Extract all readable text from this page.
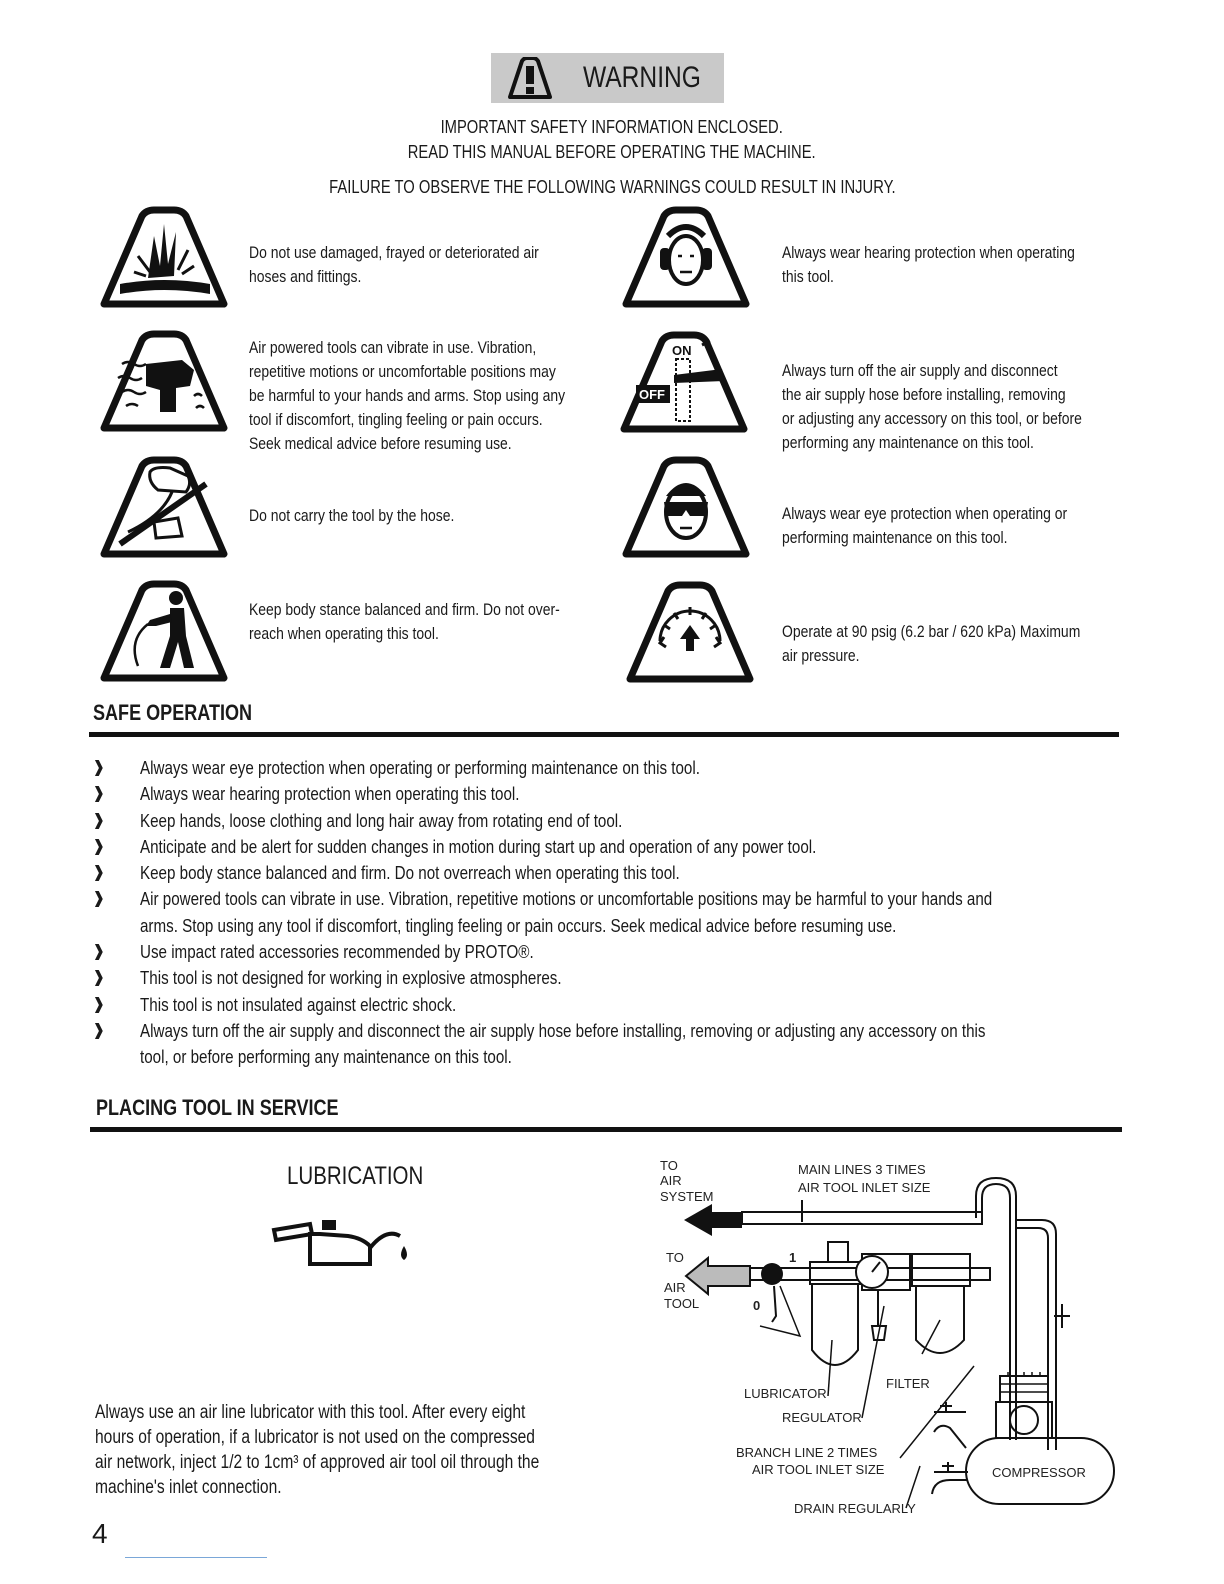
WARNING
IMPORTANT SAFETY INFORMATION ENCLOSED.
READ THIS MANUAL BEFORE OPERATING THE MACHINE.
FAILURE TO OBSERVE THE FOLLOWING WARNINGS COULD RESULT IN INJURY.
ON
OFF
Do not use damaged, frayed or deteriorated air
hoses and fittings.
Air powered tools can vibrate in use. Vibration,
repetitive motions or uncomfortable positions may
be harmful to your hands and arms. Stop using any
tool if discomfort, tingling feeling or pain occurs.
Seek medical advice before resuming use.
Do not carry the tool by the hose.
Keep body stance balanced and firm. Do not over-
reach when operating this tool.
Always wear hearing protection when operating
this tool.
Always turn off the air supply and disconnect
the air supply hose before installing, removing
or adjusting any accessory on this tool, or before
performing any maintenance on this tool.
Always wear eye protection when operating or
performing maintenance on this tool.
Operate at 90 psig (6.2 bar / 620 kPa) Maximum
air pressure.
SAFE OPERATION
❱	Always wear eye protection when operating or performing maintenance on this tool.
❱	Always wear hearing protection when operating this tool.
❱	Keep hands, loose clothing and long hair away from rotating end of tool.
❱	Anticipate and be alert for sudden changes in motion during start up and operation of any power tool.
❱	Keep body stance balanced and firm. Do not overreach when operating this tool.
❱	Air powered tools can vibrate in use. Vibration, repetitive motions or uncomfortable positions may be harmful to your hands and
arms. Stop using any tool if discomfort, tingling feeling or pain occurs. Seek medical advice before resuming use.
❱	Use impact rated accessories recommended by PROTO®.
❱	This tool is not designed for working in explosive atmospheres.
❱	This tool is not insulated against electric shock.
❱	Always turn off the air supply and disconnect the air supply hose before installing, removing or adjusting any accessory on this
tool, or before performing any maintenance on this tool.
PLACING TOOL IN SERVICE
LUBRICATION
Always use an air line lubricator with this tool. After every eight
hours of operation, if a lubricator is not used on the compressed
air network, inject 1/2 to 1cm³ of approved air tool oil through the
machine's inlet connection.
TO
AIR
SYSTEM
MAIN LINES 3 TIMES
AIR TOOL INLET SIZE
TO
AIR
TOOL
1
0
LUBRICATOR
FILTER
REGULATOR
BRANCH LINE 2 TIMES
AIR TOOL INLET SIZE
DRAIN REGULARLY
COMPRESSOR
4
